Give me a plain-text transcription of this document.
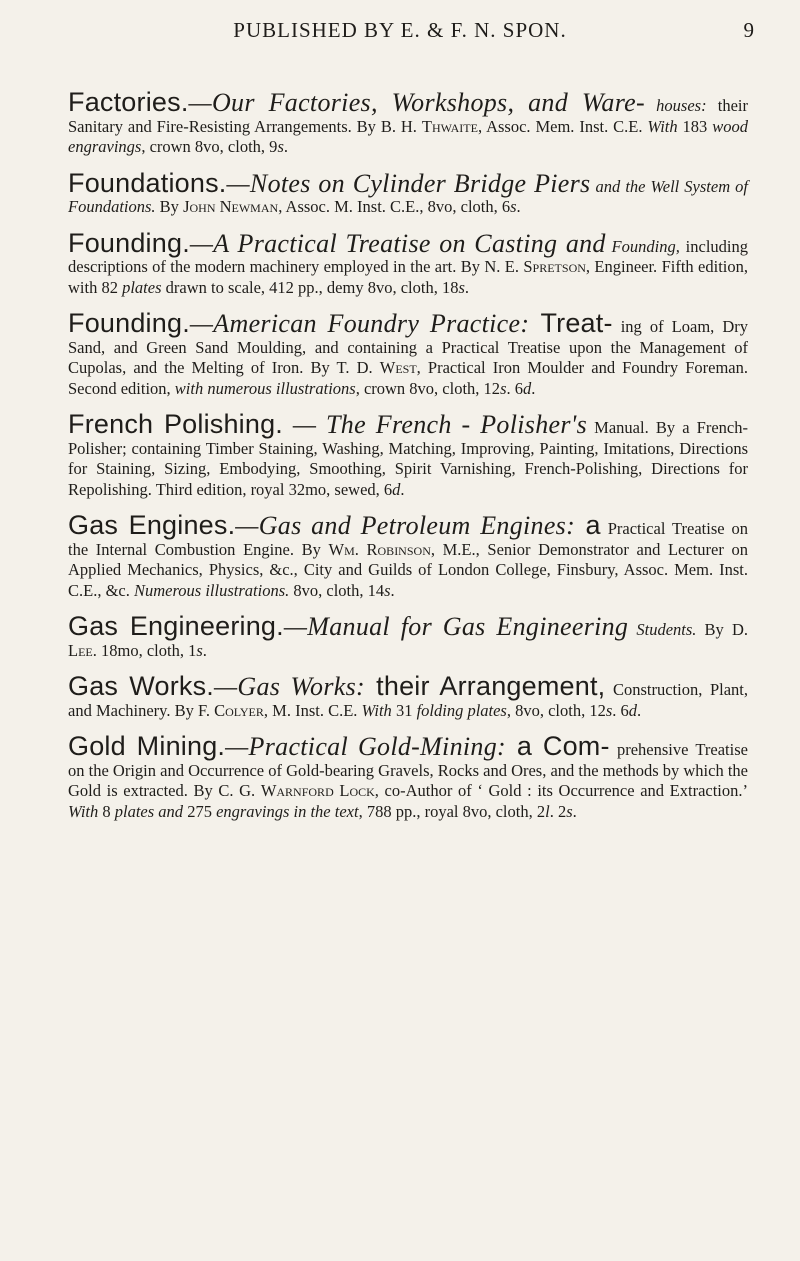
PUBLISHED BY E. & F. N. SPON.	9

Factories.—Our Factories, Workshops, and Ware- houses: their Sanitary and Fire-Resisting Arrangements. By B. H. Thwaite, Assoc. Mem. Inst. C.E. With 183 wood engravings, crown 8vo, cloth, 9s.

Foundations.—Notes on Cylinder Bridge Piers and the Well System of Foundations. By John Newman, Assoc. M. Inst. C.E., 8vo, cloth, 6s.

Founding.—A Practical Treatise on Casting and Founding, including descriptions of the modern machinery employed in the art. By N. E. Spretson, Engineer. Fifth edition, with 82 plates drawn to scale, 412 pp., demy 8vo, cloth, 18s.

Founding.—American Foundry Practice: Treat- ing of Loam, Dry Sand, and Green Sand Moulding, and containing a Practical Treatise upon the Management of Cupolas, and the Melting of Iron. By T. D. West, Practical Iron Moulder and Foundry Foreman. Second edition, with numerous illustrations, crown 8vo, cloth, 12s. 6d.

French Polishing. — The French - Polisher's Manual. By a French-Polisher; containing Timber Staining, Washing, Matching, Improving, Painting, Imitations, Directions for Staining, Sizing, Embodying, Smoothing, Spirit Varnishing, French-Polishing, Directions for Repolishing. Third edition, royal 32mo, sewed, 6d.

Gas Engines.—Gas and Petroleum Engines: a Practical Treatise on the Internal Combustion Engine. By Wm. Robinson, M.E., Senior Demonstrator and Lecturer on Applied Mechanics, Physics, &c., City and Guilds of London College, Finsbury, Assoc. Mem. Inst. C.E., &c. Numerous illustrations. 8vo, cloth, 14s.

Gas Engineering.—Manual for Gas Engineering Students. By D. Lee. 18mo, cloth, 1s.

Gas Works.—Gas Works: their Arrangement, Construction, Plant, and Machinery. By F. Colyer, M. Inst. C.E. With 31 folding plates, 8vo, cloth, 12s. 6d.

Gold Mining.—Practical Gold-Mining: a Com- prehensive Treatise on the Origin and Occurrence of Gold-bearing Gravels, Rocks and Ores, and the methods by which the Gold is extracted. By C. G. Warnford Lock, co-Author of ‘ Gold : its Occurrence and Extraction.’ With 8 plates and 275 engravings in the text, 788 pp., royal 8vo, cloth, 2l. 2s.
